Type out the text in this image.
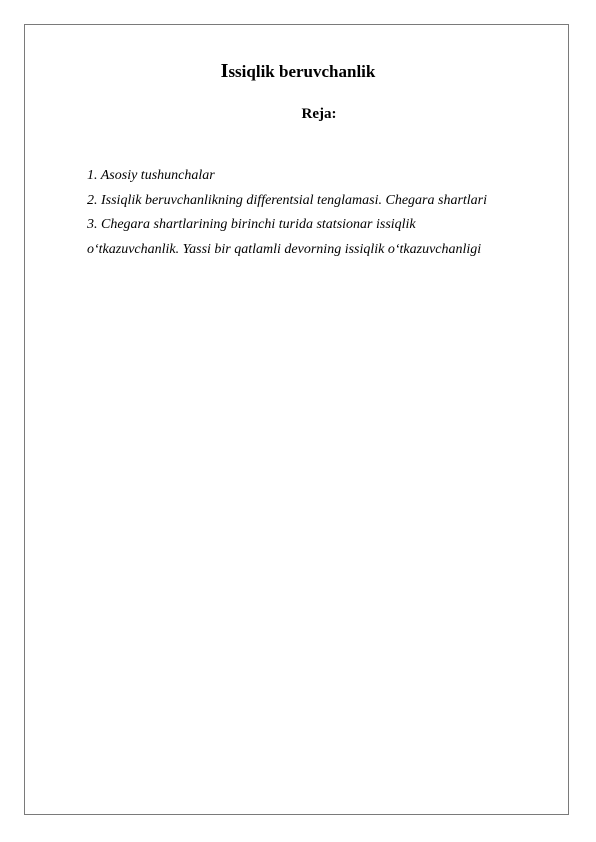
Issiqlik beruvchanlik
Reja:
1. Asosiy tushunchalar
2. Issiqlik beruvchanlikning differentsial tenglamasi. Chegara shartlari
3. Chegara shartlarining birinchi turida statsionar issiqlik
o‘tkazuvchanlik. Yassi bir qatlamli devorning issiqlik o‘tkazuvchanligi
